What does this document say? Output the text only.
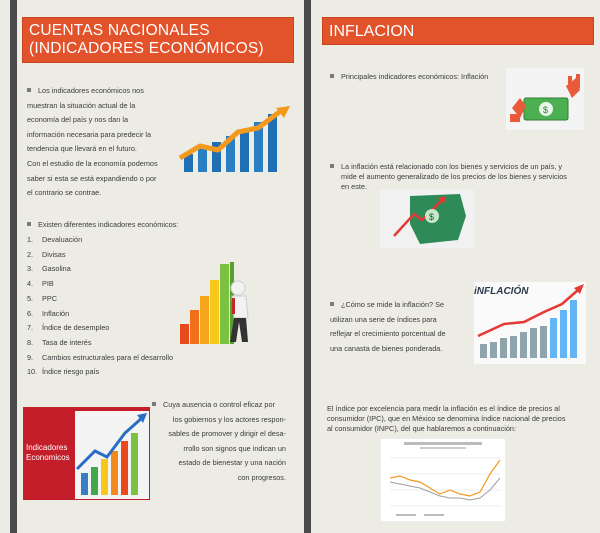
CUENTAS NACIONALES
(INDICADORES ECONÓMICOS)
Los indicadores económicos nos
muestran la situación actual de la
economía del país y nos dan la
información necesaria para predecir la
tendencia que llevará en el futuro.
Con el estudio de la economía podemos
saber si esta se está expandiendo o por
el contrario se contrae.
Existen diferentes indicadores económicos:
1. Devaluación
2. Divisas
3. Gasolina
4. PIB
5. PPC
6. Inflación
7. Índice de desempleo
8. Tasa de interés
9. Cambios estructurales para el desarrollo
10. Índice riesgo país
Indicadores
Economicos
Cuya ausencia o control eficaz por
los gobiernos y los actores respon-
sables de promover y dirigir el desa-
rrollo son signos que indican un
estado de bienestar y una nación
con progresos.
INFLACION
Principales indicadores económicos: Inflación
$
La inflación está relacionado con los bienes y servicios de un país, y
mide el aumento generalizado de los precios de los bienes y servicios
en este.
$
¿Cómo se mide la inflación? Se
utilizan una serie de índices para
reflejar el crecimiento porcentual de
una canasta de bienes ponderada.
iNFLACIÓN
El índice por excelencia para medir la inflación es el índice de precios al
consumidor (IPC), que en México se denomina índice nacional de precios
al consumidor (INPC), del que hablaremos a continuación:
